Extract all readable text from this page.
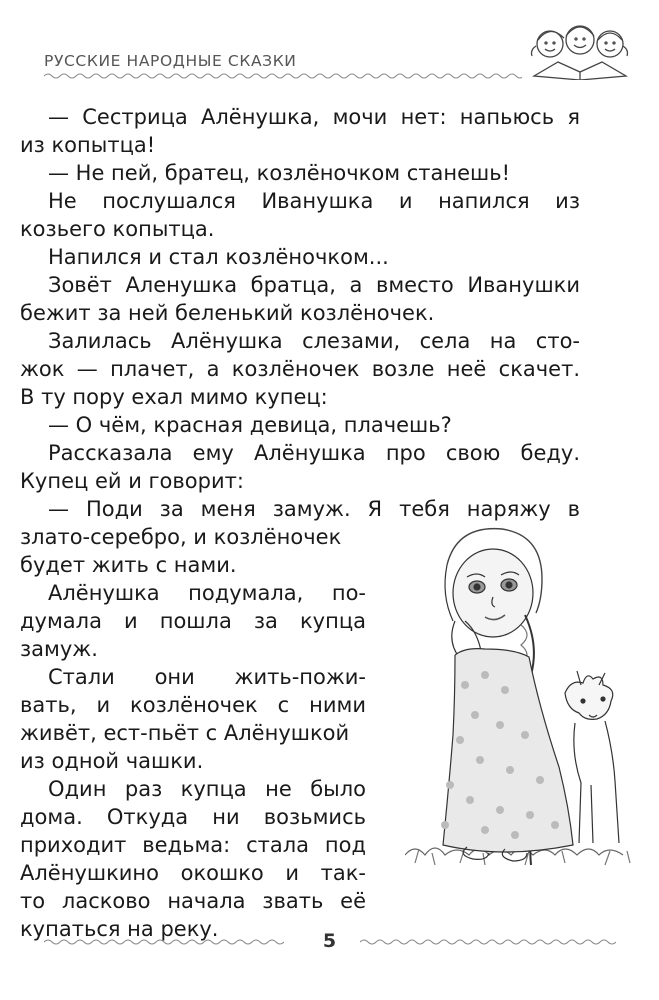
РУССКИЕ НАРОДНЫЕ СКАЗКИ
— Сестрица Алёнушка, мочи нет: напьюсь я
из копытца!
— Не пей, братец, козлёночком станешь!
Не послушался Иванушка и напился из
козьего копытца.
Напился и стал козлёночком...
Зовёт Аленушка братца, а вместо Иванушки
бежит за ней беленький козлёночек.
Залилась Алёнушка слезами, села на сто-
жок — плачет, а козлёночек возле неё скачет.
В ту пору ехал мимо купец:
— О чём, красная девица, плачешь?
Рассказала ему Алёнушка про свою беду.
Купец ей и говорит:
— Поди за меня замуж. Я тебя наряжу в
злато-серебро, и козлёночек
будет жить с нами.
Алёнушка подумала, по-
думала и пошла за купца
замуж.
Стали они жить-пожи-
вать, и козлёночек с ними
живёт, ест-пьёт с Алёнушкой
из одной чашки.
Один раз купца не было
дома. Откуда ни возьмись
приходит ведьма: стала под
Алёнушкино окошко и так-
то ласково начала звать её
купаться на реку.	5
